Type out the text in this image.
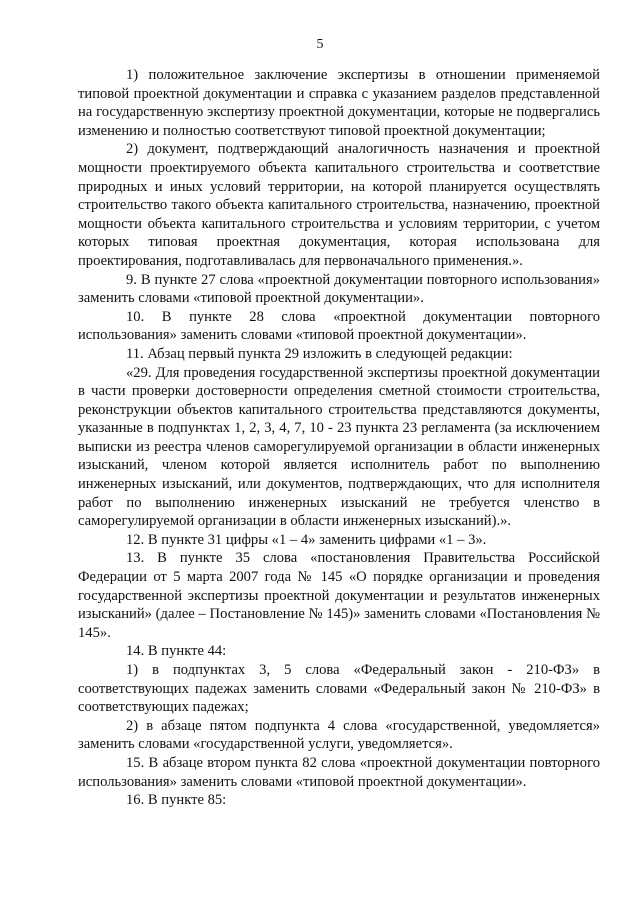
5

1) положительное заключение экспертизы в отношении применяемой типовой проектной документации и справка с указанием разделов представленной на государственную экспертизу проектной документации, которые не подвергались изменению и полностью соответствуют типовой проектной документации;

2) документ, подтверждающий аналогичность назначения и проектной мощности проектируемого объекта капитального строительства и соответствие природных и иных условий территории, на которой планируется осуществлять строительство такого объекта капитального строительства, назначению, проектной мощности объекта капитального строительства и условиям территории, с учетом которых типовая проектная документация, которая использована для проектирования, подготавливалась для первоначального применения.».

9. В пункте 27 слова «проектной документации повторного использования» заменить словами «типовой проектной документации».

10. В пункте 28 слова «проектной документации повторного использования» заменить словами «типовой проектной документации».

11. Абзац первый пункта 29 изложить в следующей редакции:

«29. Для проведения государственной экспертизы проектной документации в части проверки достоверности определения сметной стоимости строительства, реконструкции объектов капитального строительства представляются документы, указанные в подпунктах 1, 2, 3, 4, 7, 10 - 23 пункта 23 регламента (за исключением выписки из реестра членов саморегулируемой организации в области инженерных изысканий, членом которой является исполнитель работ по выполнению инженерных изысканий, или документов, подтверждающих, что для исполнителя работ по выполнению инженерных изысканий не требуется членство в саморегулируемой организации в области инженерных изысканий).».

12. В пункте 31 цифры «1 – 4» заменить цифрами «1 – 3».

13. В пункте 35 слова «постановления Правительства Российской Федерации от 5 марта 2007 года № 145 «О порядке организации и проведения государственной экспертизы проектной документации и результатов инженерных изысканий» (далее – Постановление № 145)» заменить словами «Постановления № 145».

14. В пункте 44:

1) в подпунктах 3, 5 слова «Федеральный закон - 210-ФЗ» в соответствующих падежах заменить словами «Федеральный закон № 210-ФЗ» в соответствующих падежах;

2) в абзаце пятом подпункта 4 слова «государственной, уведомляется» заменить словами «государственной услуги, уведомляется».

15. В абзаце втором пункта 82 слова «проектной документации повторного использования» заменить словами «типовой проектной документации».

16. В пункте 85:
